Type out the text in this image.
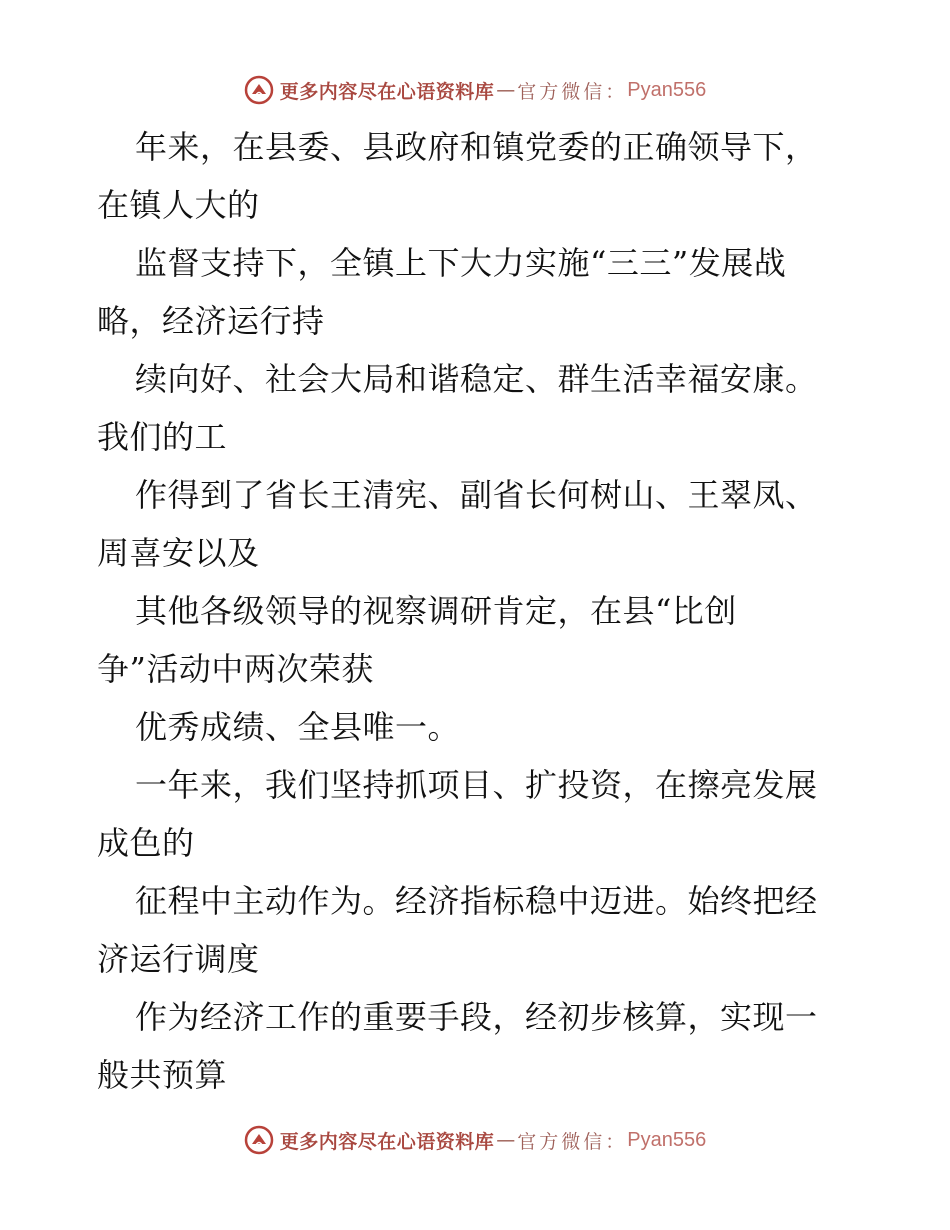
更多内容尽在心语资料库 — 官方微信： Pyan556
年来，在县委、县政府和镇党委的正确领导下，
在镇人大的
监督支持下，全镇上下大力实施“三三”发展战
略，经济运行持
续向好、社会大局和谐稳定、群生活幸福安康。
我们的工
作得到了省长王清宪、副省长何树山、王翠凤、
周喜安以及
其他各级领导的视察调研肯定，在县“比创
争”活动中两次荣获
优秀成绩、全县唯一。
一年来，我们坚持抓项目、扩投资，在擦亮发展
成色的
征程中主动作为。经济指标稳中迈进。始终把经
济运行调度
作为经济工作的重要手段，经初步核算，实现一
般共预算
更多内容尽在心语资料库 — 官方微信： Pyan556
